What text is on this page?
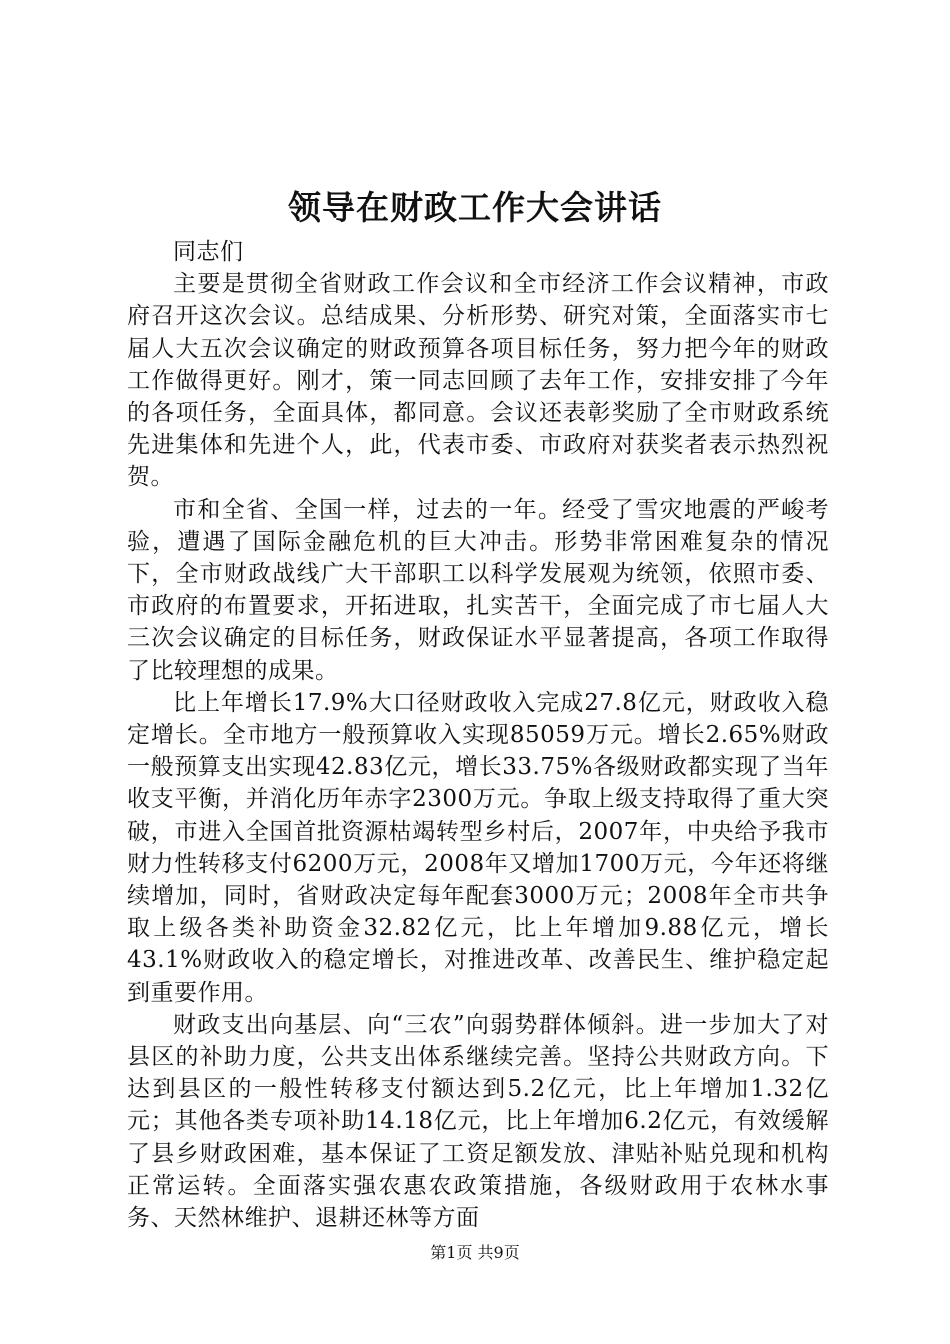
领导在财政工作大会讲话

同志们

主要是贯彻全省财政工作会议和全市经济工作会议精神，市政府召开这次会议。总结成果、分析形势、研究对策，全面落实市七届人大五次会议确定的财政预算各项目标任务，努力把今年的财政工作做得更好。刚才，策一同志回顾了去年工作，安排安排了今年的各项任务，全面具体，都同意。会议还表彰奖励了全市财政系统先进集体和先进个人，此，代表市委、市政府对获奖者表示热烈祝贺。

市和全省、全国一样，过去的一年。经受了雪灾地震的严峻考验，遭遇了国际金融危机的巨大冲击。形势非常困难复杂的情况下，全市财政战线广大干部职工以科学发展观为统领，依照市委、市政府的布置要求，开拓进取，扎实苦干，全面完成了市七届人大三次会议确定的目标任务，财政保证水平显著提高，各项工作取得了比较理想的成果。

比上年增长17.9%大口径财政收入完成27.8亿元，财政收入稳定增长。全市地方一般预算收入实现85059万元。增长2.65%财政一般预算支出实现42.83亿元，增长33.75%各级财政都实现了当年收支平衡，并消化历年赤字2300万元。争取上级支持取得了重大突破，市进入全国首批资源枯竭转型乡村后，2007年，中央给予我市财力性转移支付6200万元，2008年又增加1700万元，今年还将继续增加，同时，省财政决定每年配套3000万元；2008年全市共争取上级各类补助资金32.82亿元，比上年增加9.88亿元，增长43.1%财政收入的稳定增长，对推进改革、改善民生、维护稳定起到重要作用。

财政支出向基层、向“三农”向弱势群体倾斜。进一步加大了对县区的补助力度，公共支出体系继续完善。坚持公共财政方向。下达到县区的一般性转移支付额达到5.2亿元，比上年增加1.32亿元；其他各类专项补助14.18亿元，比上年增加6.2亿元，有效缓解了县乡财政困难，基本保证了工资足额发放、津贴补贴兑现和机构正常运转。全面落实强农惠农政策措施，各级财政用于农林水事务、天然林维护、退耕还林等方面

第1页 共9页
